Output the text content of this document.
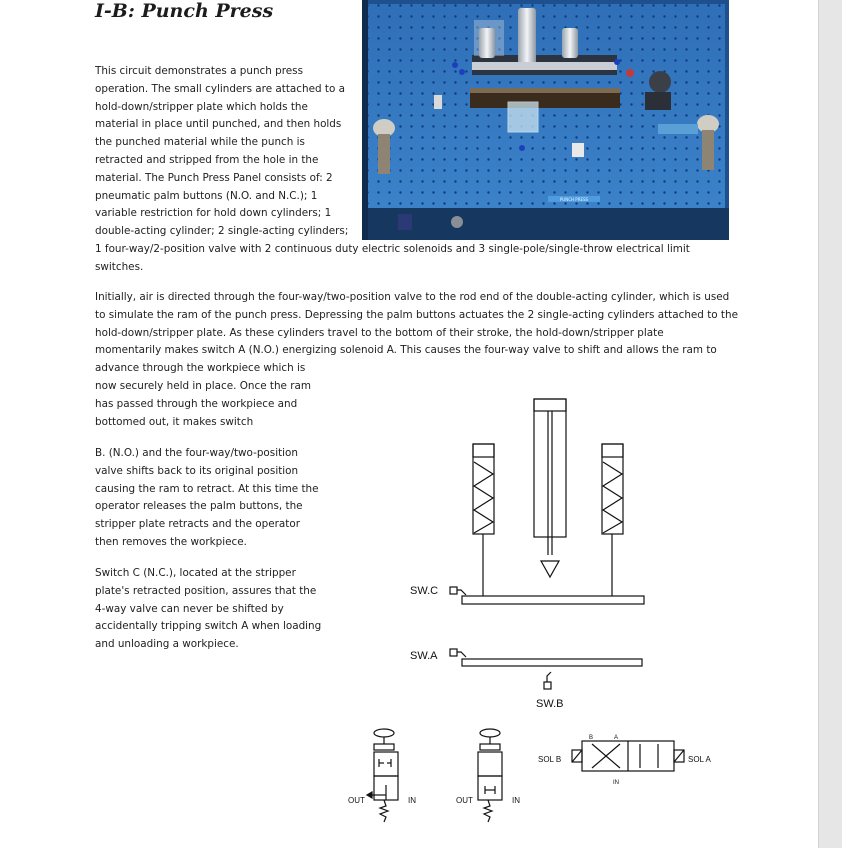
I-B: Punch Press
PUNCH PRESS
This circuit demonstrates a punch press
operation. The small cylinders are attached to a
hold-down/stripper plate which holds the
material in place until punched, and then holds
the punched material while the punch is
retracted and stripped from the hole in the
material. The Punch Press Panel consists of: 2
pneumatic palm buttons (N.O. and N.C.); 1
variable restriction for hold down cylinders; 1
double-acting cylinder; 2 single-acting cylinders;
1 four-way/2-position valve with 2 continuous duty electric solenoids and 3 single-pole/single-throw electrical limit
switches.
Initially, air is directed through the four-way/two-position valve to the rod end of the double-acting cylinder, which is used
to simulate the ram of the punch press. Depressing the palm buttons actuates the 2 single-acting cylinders attached to the
hold-down/stripper plate. As these cylinders travel to the bottom of their stroke, the hold-down/stripper plate
momentarily makes switch A (N.O.) energizing solenoid A. This causes the four-way valve to shift and allows the ram to
advance through the workpiece which is
now securely held in place. Once the ram
has passed through the workpiece and
bottomed out, it makes switch
B. (N.O.) and the four-way/two-position
valve shifts back to its original position
causing the ram to retract. At this time the
operator releases the palm buttons, the
stripper plate retracts and the operator
then removes the workpiece.
Switch C (N.C.), located at the stripper
plate's retracted position, assures that the
4-way valve can never be shifted by
accidentally tripping switch A when loading
and unloading a workpiece.
SW.C
SW.A
SW.B
OUT	IN	OUT	IN
SOL B	SOL A
B	A
IN
